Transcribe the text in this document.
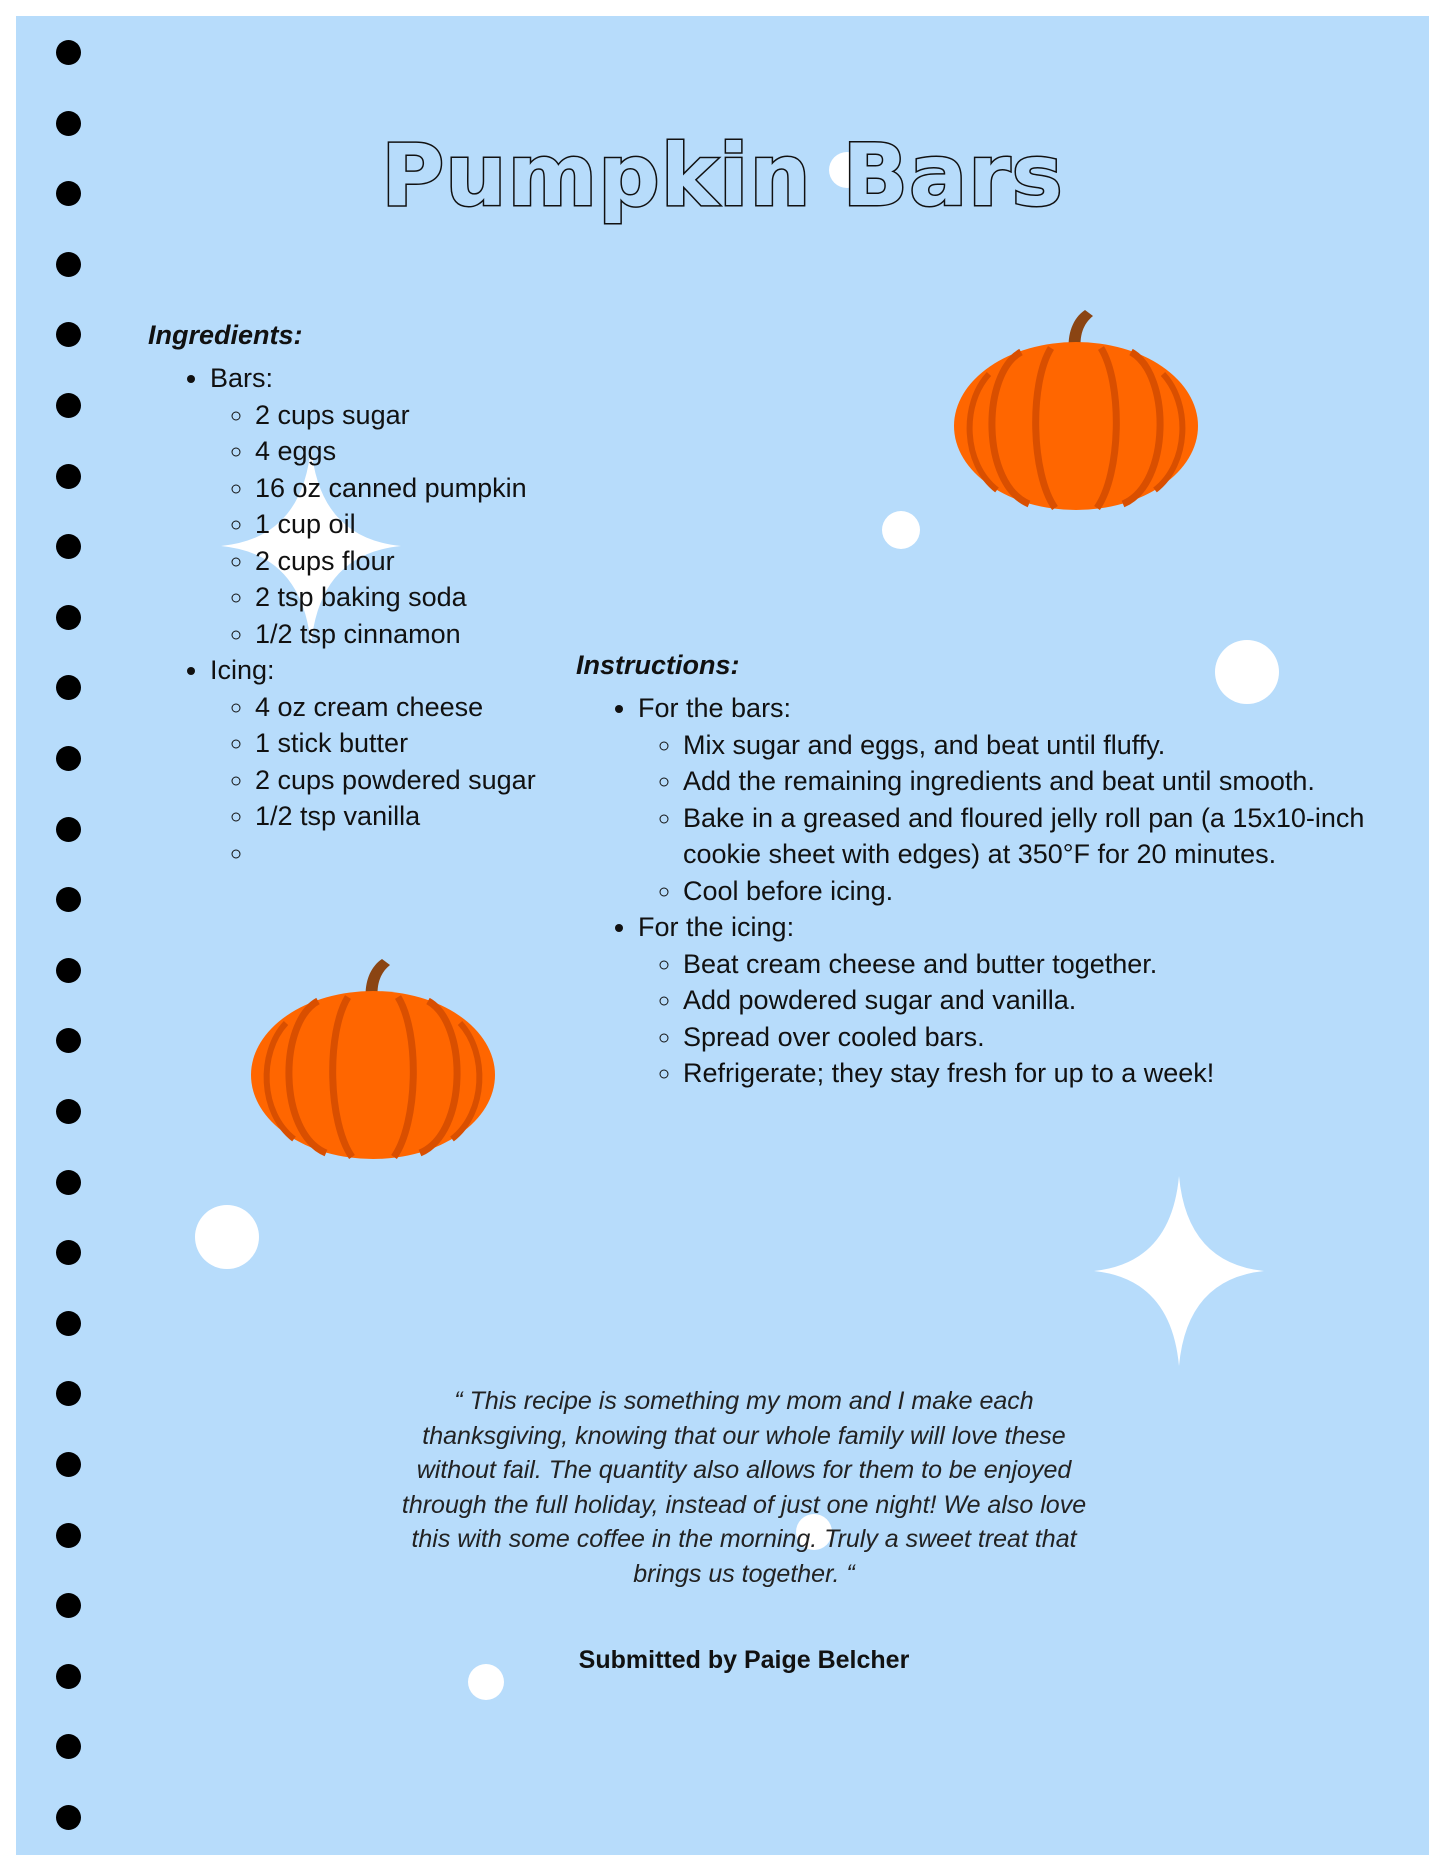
Pumpkin Bars
Ingredients:
• Bars:
◦ 2 cups sugar
◦ 4 eggs
◦ 16 oz canned pumpkin
◦ 1 cup oil
◦ 2 cups flour
◦ 2 tsp baking soda
◦ 1/2 tsp cinnamon
• Icing:
◦ 4 oz cream cheese
◦ 1 stick butter
◦ 2 cups powdered sugar
◦ 1/2 tsp vanilla
◦
Instructions:
• For the bars:
◦ Mix sugar and eggs, and beat until fluffy.
◦ Add the remaining ingredients and beat until smooth.
◦ Bake in a greased and floured jelly roll pan (a 15x10-inch cookie sheet with edges) at 350°F for 20 minutes.
◦ Cool before icing.
• For the icing:
◦ Beat cream cheese and butter together.
◦ Add powdered sugar and vanilla.
◦ Spread over cooled bars.
◦ Refrigerate; they stay fresh for up to a week!

“ This recipe is something my mom and I make each thanksgiving, knowing that our whole family will love these without fail. The quantity also allows for them to be enjoyed through the full holiday, instead of just one night! We also love this with some coffee in the morning. Truly a sweet treat that brings us together. “

Submitted by Paige Belcher
